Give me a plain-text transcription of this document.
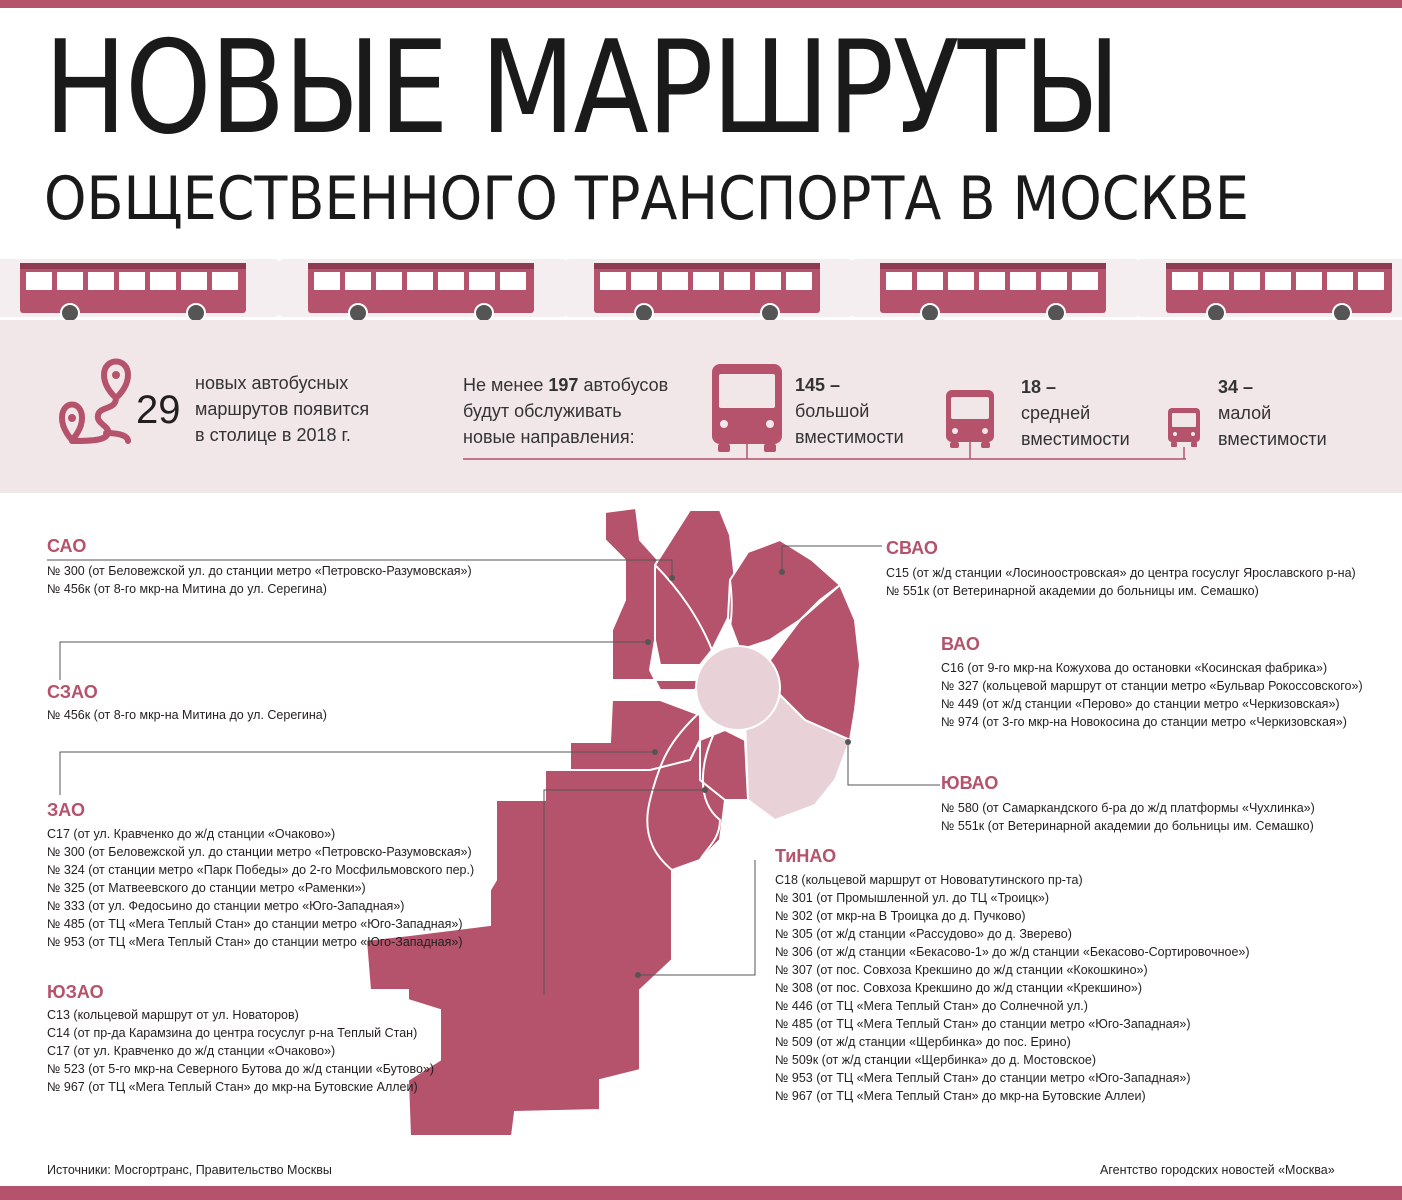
НОВЫЕ МАРШРУТЫ
ОБЩЕСТВЕННОГО ТРАНСПОРТА В МОСКВЕ
29
новых автобусных
маршрутов появится
в столице в 2018 г.
Не менее 197 автобусов
будут обслуживать
новые направления:
145 –
большой
вместимости
18 –
средней
вместимости
34 –
малой
вместимости
САО
№ 300 (от Беловежской ул. до станции метро «Петровско-Разумовская»)
№ 456к (от 8-го мкр-на Митина до ул. Серегина)
СЗАО
№ 456к (от 8-го мкр-на Митина до ул. Серегина)
ЗАО
С17 (от ул. Кравченко до ж/д станции «Очаково»)
№ 300 (от Беловежской ул. до станции метро «Петровско-Разумовская»)
№ 324 (от станции метро «Парк Победы» до 2-го Мосфильмовского пер.)
№ 325 (от Матвеевского до станции метро «Раменки»)
№ 333 (от ул. Федосьино до станции метро «Юго-Западная»)
№ 485 (от ТЦ «Мега Теплый Стан» до станции метро «Юго-Западная»)
№ 953 (от ТЦ «Мега Теплый Стан» до станции метро «Юго-Западная»)
ЮЗАО
С13 (кольцевой маршрут от ул. Новаторов)
С14 (от пр-да Карамзина до центра госуслуг р-на Теплый Стан)
С17 (от ул. Кравченко до ж/д станции «Очаково»)
№ 523 (от 5-го мкр-на Северного Бутова до ж/д станции «Бутово»)
№ 967 (от ТЦ «Мега Теплый Стан» до мкр-на Бутовские Аллеи)
СВАО
С15 (от ж/д станции «Лосиноостровская» до центра госуслуг Ярославского р-на)
№ 551к (от Ветеринарной академии до больницы им. Семашко)
ВАО
С16 (от 9-го мкр-на Кожухова до остановки «Косинская фабрика»)
№ 327 (кольцевой маршрут от станции метро «Бульвар Рокоссовского»)
№ 449 (от ж/д станции «Перово» до станции метро «Черкизовская»)
№ 974 (от 3-го мкр-на Новокосина до станции метро «Черкизовская»)
ЮВАО
№ 580 (от Самаркандского б-ра до ж/д платформы «Чухлинка»)
№ 551к (от Ветеринарной академии до больницы им. Семашко)
ТиНАО
С18 (кольцевой маршрут от Нововатутинского пр-та)
№ 301 (от Промышленной ул. до ТЦ «Троицк»)
№ 302 (от мкр-на В Троицка до д. Пучково)
№ 305 (от ж/д станции «Рассудово» до д. Зверево)
№ 306 (от ж/д станции «Бекасово-1» до ж/д станции «Бекасово-Сортировочное»)
№ 307 (от пос. Совхоза Крекшино до ж/д станции «Кокошкино»)
№ 308 (от пос. Совхоза Крекшино до ж/д станции «Крекшино»)
№ 446 (от ТЦ «Мега Теплый Стан» до Солнечной ул.)
№ 485 (от ТЦ «Мега Теплый Стан» до станции метро «Юго-Западная»)
№ 509 (от ж/д станции «Щербинка» до пос. Ерино)
№ 509к (от ж/д станции «Щербинка» до д. Мостовское)
№ 953 (от ТЦ «Мега Теплый Стан» до станции метро «Юго-Западная»)
№ 967 (от ТЦ «Мега Теплый Стан» до мкр-на Бутовские Аллеи)
Источники: Мосгортранс, Правительство Москвы	Агентство городских новостей «Москва»
